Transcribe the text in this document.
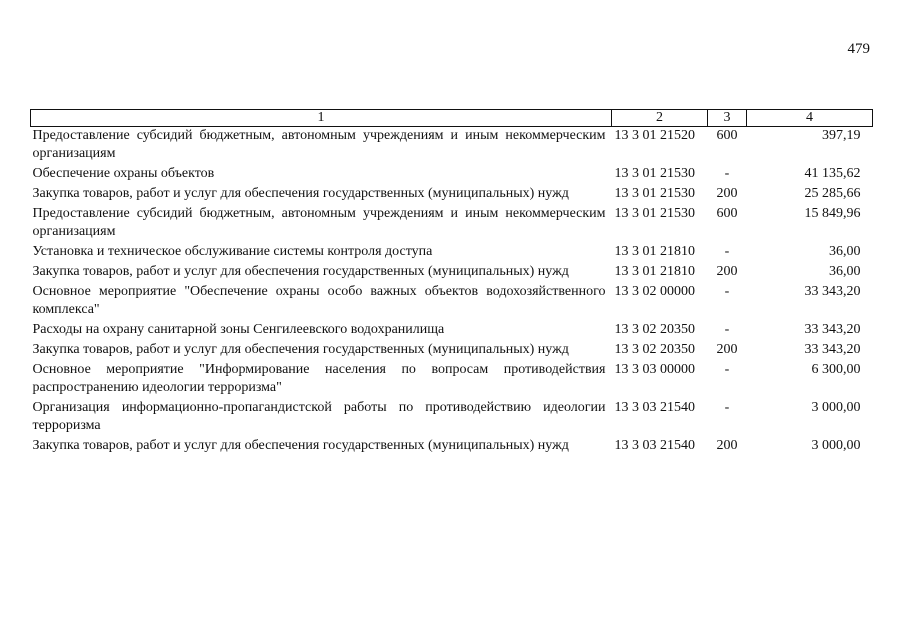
479
1	2	3	4
Предоставление субсидий бюджетным, автономным учреждениям и иным некоммерческим организациям	13 3 01 21520	600	397,19
Обеспечение охраны объектов	13 3 01 21530	-	41 135,62
Закупка товаров, работ и услуг для обеспечения государственных (муниципальных) нужд	13 3 01 21530	200	25 285,66
Предоставление субсидий бюджетным, автономным учреждениям и иным некоммерческим организациям	13 3 01 21530	600	15 849,96
Установка и техническое обслуживание системы контроля доступа	13 3 01 21810	-	36,00
Закупка товаров, работ и услуг для обеспечения государственных (муниципальных) нужд	13 3 01 21810	200	36,00
Основное мероприятие "Обеспечение охраны особо важных объектов водохозяйственного комплекса"	13 3 02 00000	-	33 343,20
Расходы на охрану санитарной зоны Сенгилеевского водохранилища	13 3 02 20350	-	33 343,20
Закупка товаров, работ и услуг для обеспечения государственных (муниципальных) нужд	13 3 02 20350	200	33 343,20
Основное мероприятие "Информирование населения по вопросам противодействия распространению идеологии терроризма"	13 3 03 00000	-	6 300,00
Организация информационно-пропагандистской работы по противодействию идеологии терроризма	13 3 03 21540	-	3 000,00
Закупка товаров, работ и услуг для обеспечения государственных (муниципальных) нужд	13 3 03 21540	200	3 000,00
